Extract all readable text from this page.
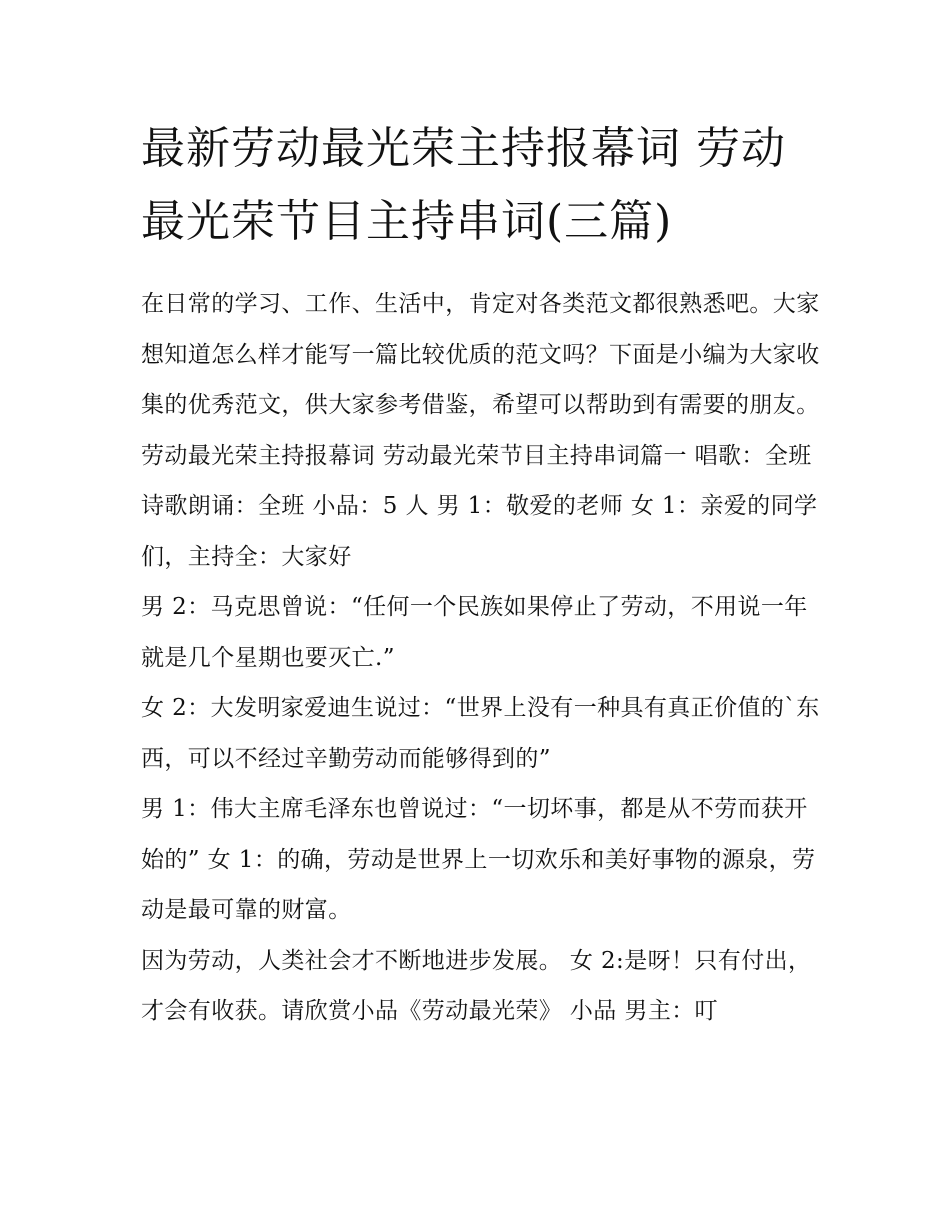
最新劳动最光荣主持报幕词 劳动最光荣节目主持串词(三篇)

在日常的学习、工作、生活中，肯定对各类范文都很熟悉吧。大家想知道怎么样才能写一篇比较优质的范文吗？下面是小编为大家收集的优秀范文，供大家参考借鉴，希望可以帮助到有需要的朋友。

劳动最光荣主持报幕词 劳动最光荣节目主持串词篇一 唱歌：全班 诗歌朗诵：全班 小品：5 人 男 1：敬爱的老师 女 1：亲爱的同学们，主持全：大家好

男 2：马克思曾说：“任何一个民族如果停止了劳动，不用说一年就是几个星期也要灭亡.”

女 2：大发明家爱迪生说过：“世界上没有一种具有真正价值的`东西，可以不经过辛勤劳动而能够得到的”

男 1：伟大主席毛泽东也曾说过：“一切坏事，都是从不劳而获开始的” 女 1：的确，劳动是世界上一切欢乐和美好事物的源泉，劳动是最可靠的财富。

因为劳动，人类社会才不断地进步发展。 女 2:是呀！只有付出，才会有收获。请欣赏小品《劳动最光荣》 小品 男主：叮
